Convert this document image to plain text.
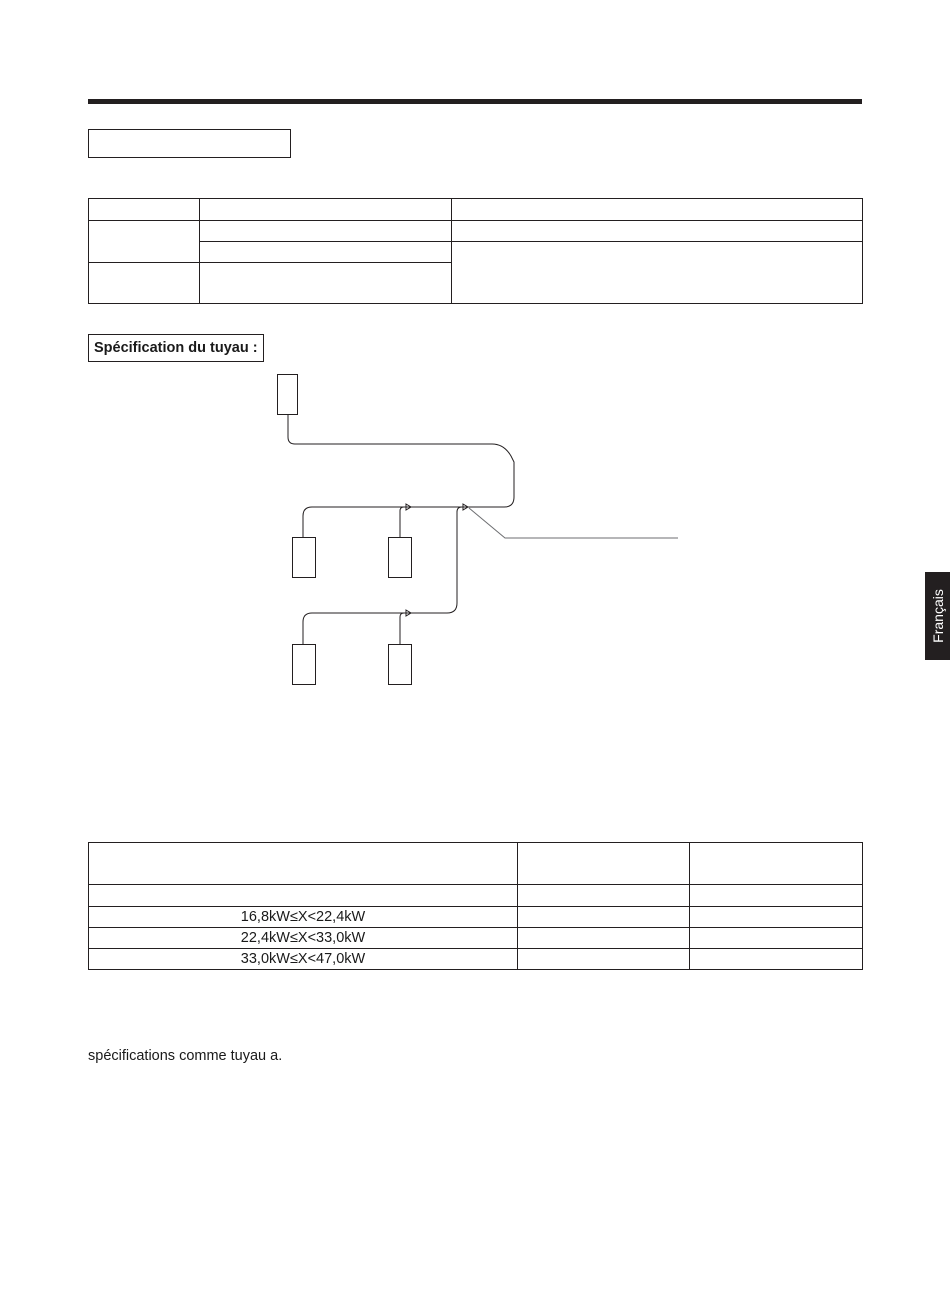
Spécification du tuyau :

16,8kW≤X<22,4kW		
22,4kW≤X<33,0kW		
33,0kW≤X<47,0kW		
spécifications comme tuyau a.
Français
